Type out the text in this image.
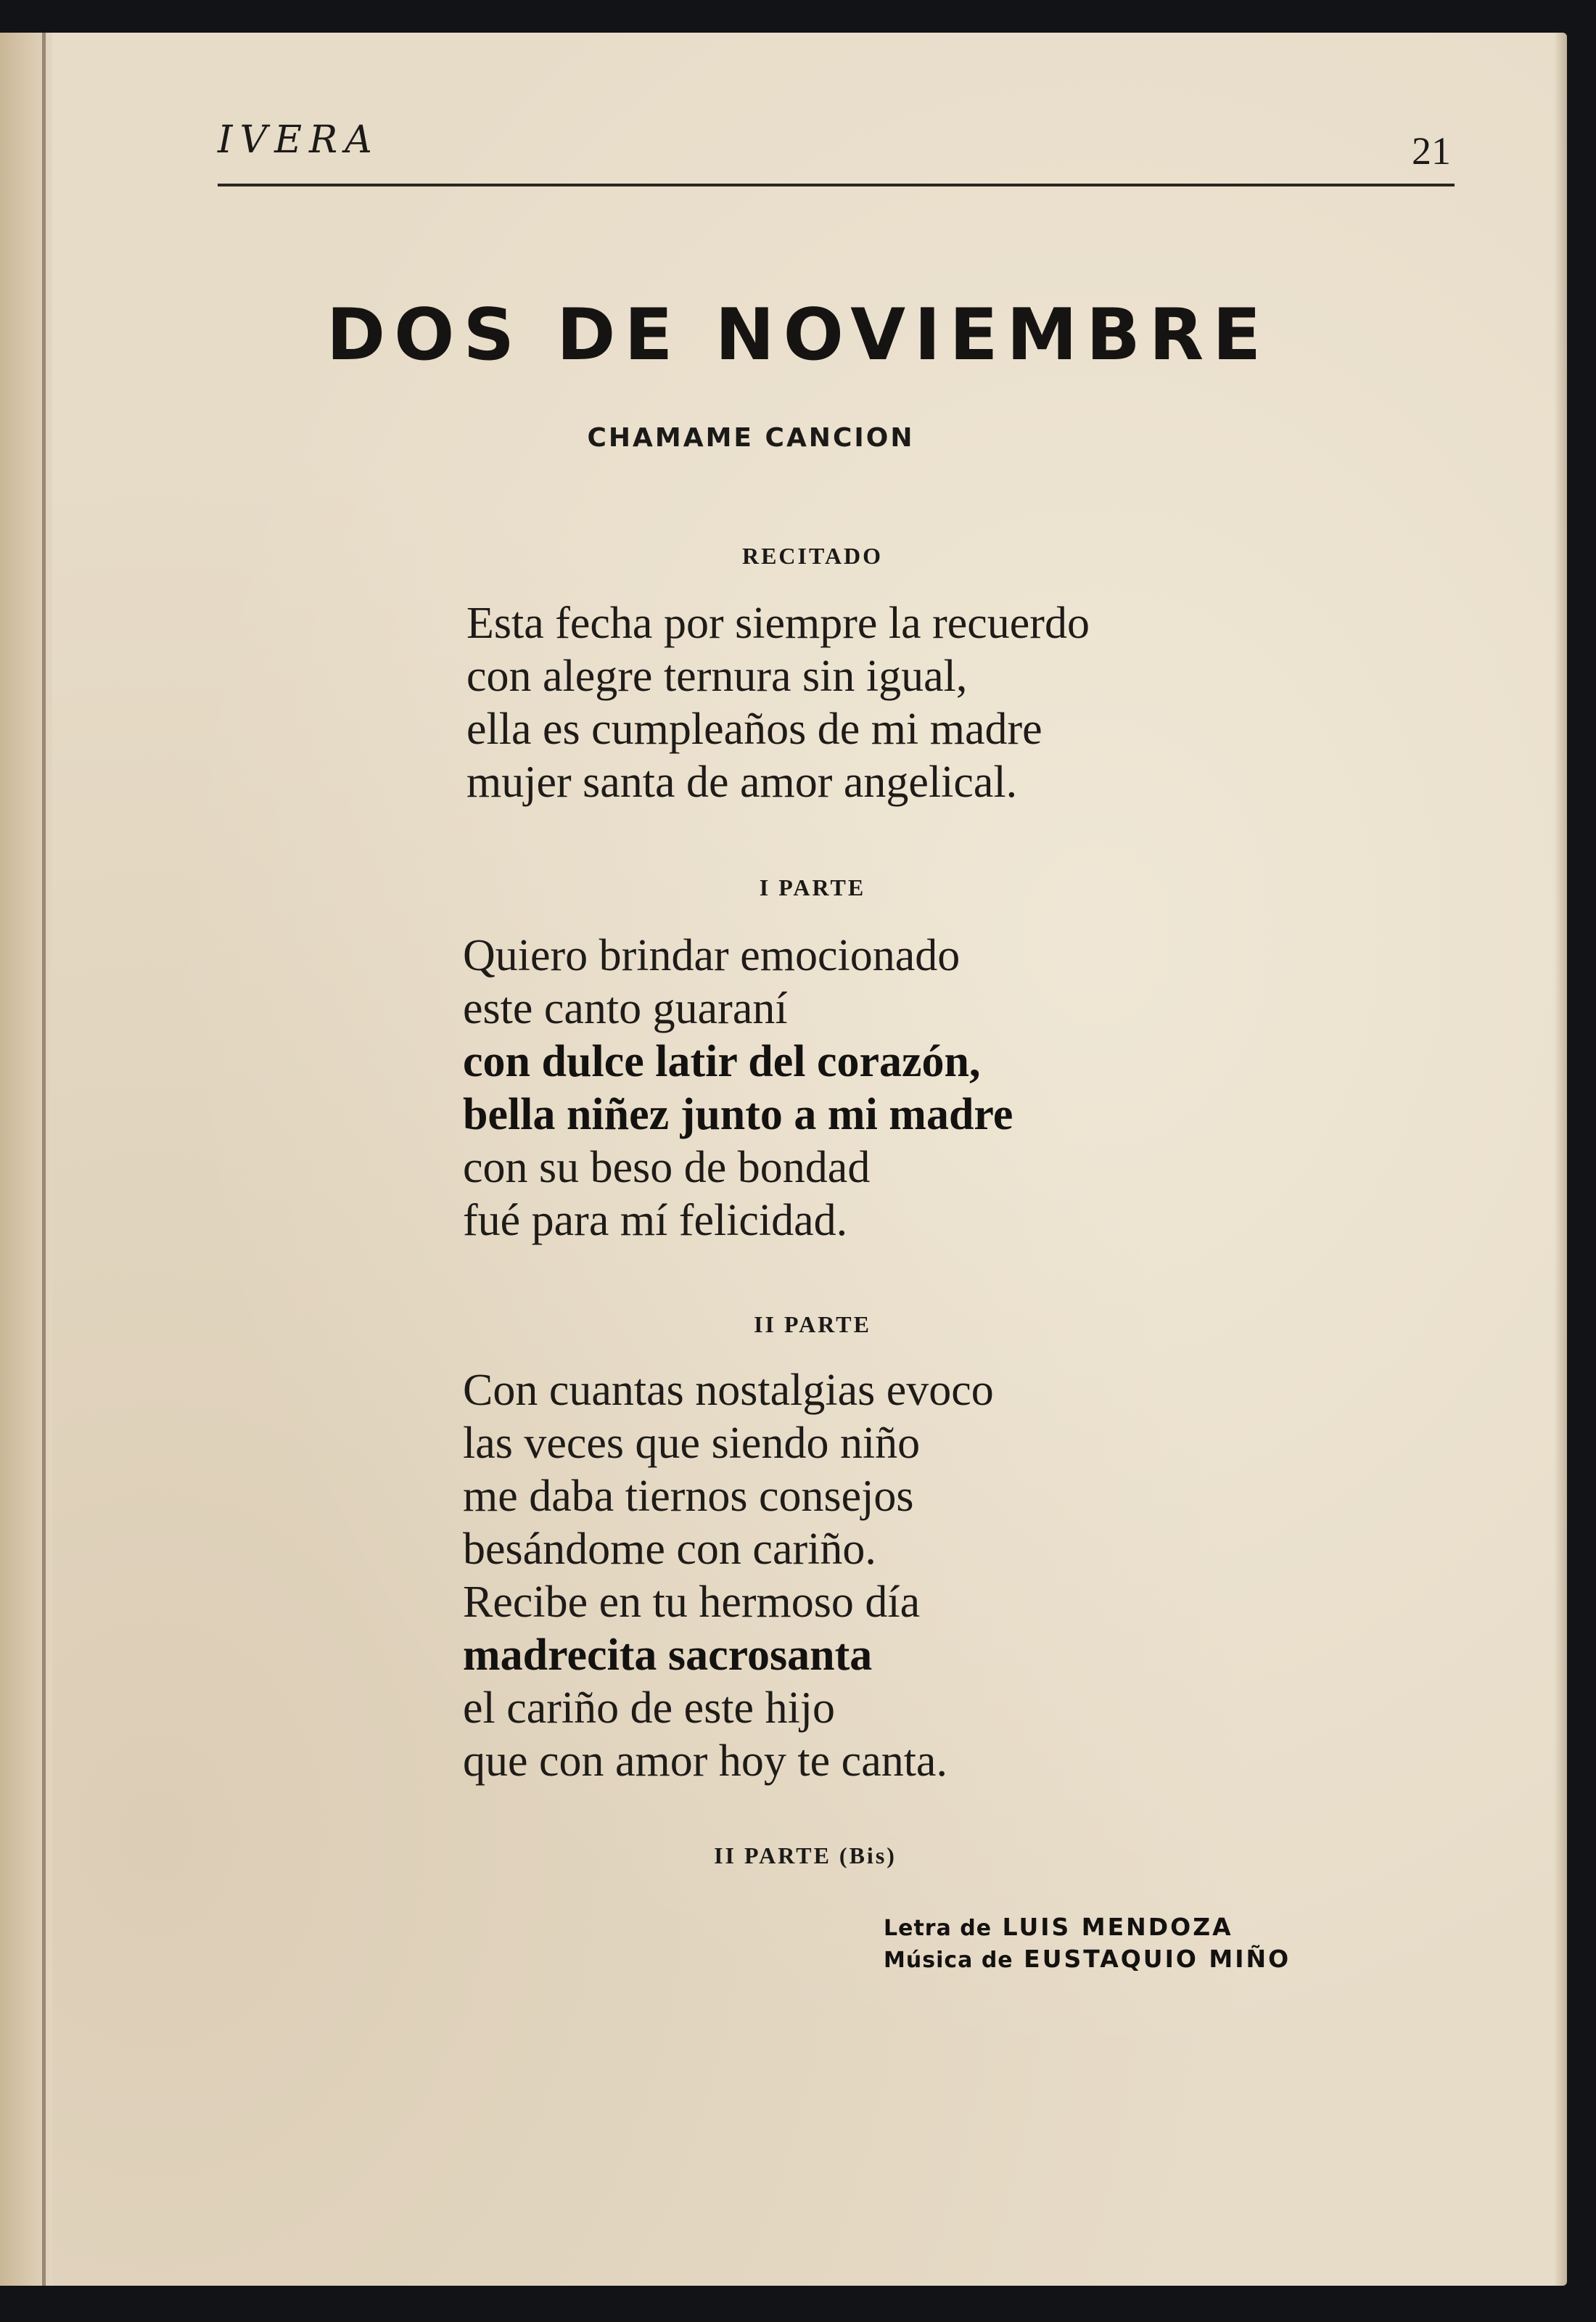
IVERA	21
DOS DE NOVIEMBRE
CHAMAME CANCION
RECITADO
Esta fecha por siempre la recuerdo
con alegre ternura sin igual,
ella es cumpleaños de mi madre
mujer santa de amor angelical.
I PARTE
Quiero brindar emocionado
este canto guaraní
con dulce latir del corazón,
bella niñez junto a mi madre
con su beso de bondad
fué para mí felicidad.
II PARTE
Con cuantas nostalgias evoco
las veces que siendo niño
me daba tiernos consejos
besándome con cariño.
Recibe en tu hermoso día
madrecita sacrosanta
el cariño de este hijo
que con amor hoy te canta.
II PARTE (Bis)
Letra de LUIS MENDOZA
Música de EUSTAQUIO MIÑO
